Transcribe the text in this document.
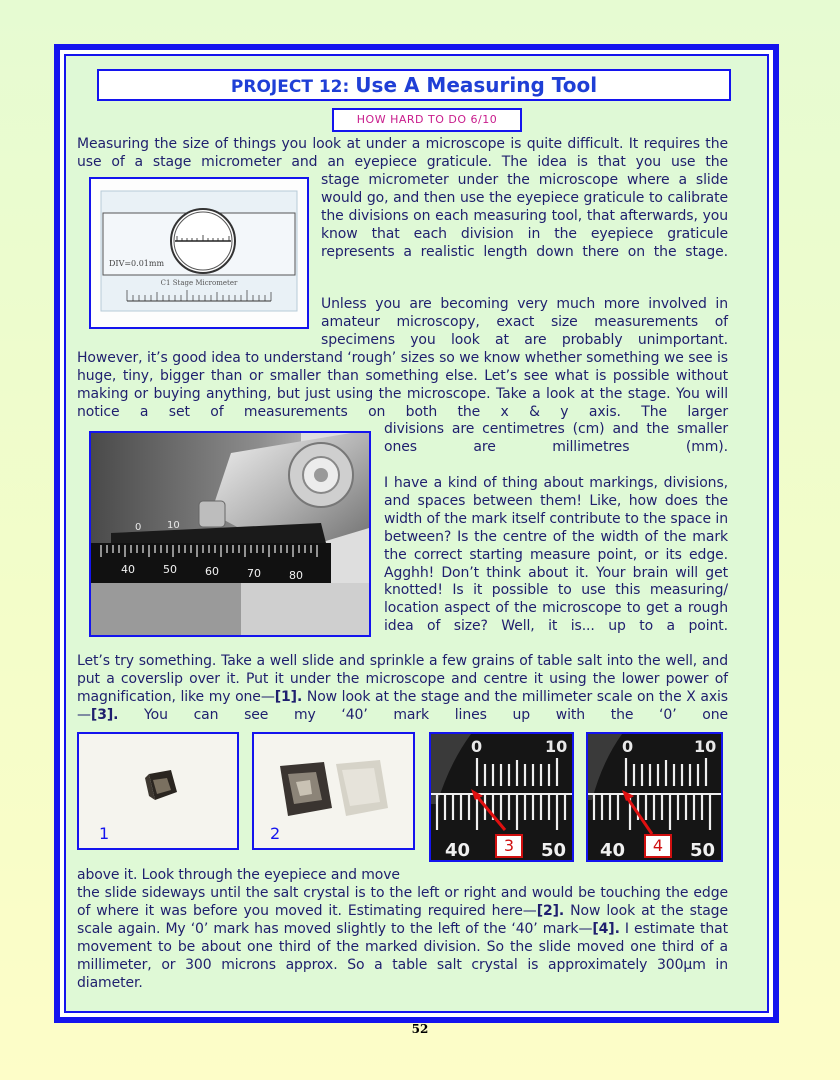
PROJECT 12: Use A Measuring Tool
HOW HARD TO DO 6/10

Measuring the size of things you look at under a microscope is quite difficult. It requires the use of a stage micrometer and an eyepiece graticule. The idea is that you use the

DIV=0.01mm
C1 Stage Micrometer

stage micrometer under the microscope where a slide would go, and then use the eyepiece graticule to calibrate the divisions on each measuring tool, that afterwards, you know that each division in the eyepiece graticule represents a realistic length down there on the stage.

Unless you are becoming very much more involved in amateur microscopy, exact size measurements of specimens you look at are probably unimportant.

However, it’s good idea to understand ‘rough’ sizes so we know whether something we see is huge, tiny, bigger than or smaller than something else. Let’s see what is possible without making or buying anything, but just using the microscope. Take a look at the stage. You will notice a set of measurements on both the x & y axis. The larger

0	10
40	50	60	70	80

divisions are centimetres (cm) and the smaller ones are millimetres (mm).

I have a kind of thing about markings, divisions, and spaces between them! Like, how does the width of the mark itself contribute to the space in between? Is the centre of the width of the mark the correct starting measure point, or its edge. Agghh! Don’t think about it. Your brain will get knotted! Is it possible to use this measuring/ location aspect of the microscope to get a rough idea of size? Well, it is... up to a point.

Let’s try something. Take a well slide and sprinkle a few grains of table salt into the well, and put a coverslip over it. Put it under the microscope and centre it using the lower power of magnification, like my one—[1]. Now look at the stage and the millimeter scale on the X axis—[3]. You can see my ‘40’ mark lines up with the ‘0’ one

1	2
0	10
40	50
3
0	10
40	50
4

above it. Look through the eyepiece and move

the slide sideways until the salt crystal is to the left or right and would be touching the edge of where it was before you moved it. Estimating required here—[2]. Now look at the stage scale again. My ‘0’ mark has moved slightly to the left of the ‘40’ mark—[4]. I estimate that movement to be about one third of the marked division. So the slide moved one third of a millimeter, or 300 microns approx. So a table salt crystal is approximately 300µm in diameter.

52
